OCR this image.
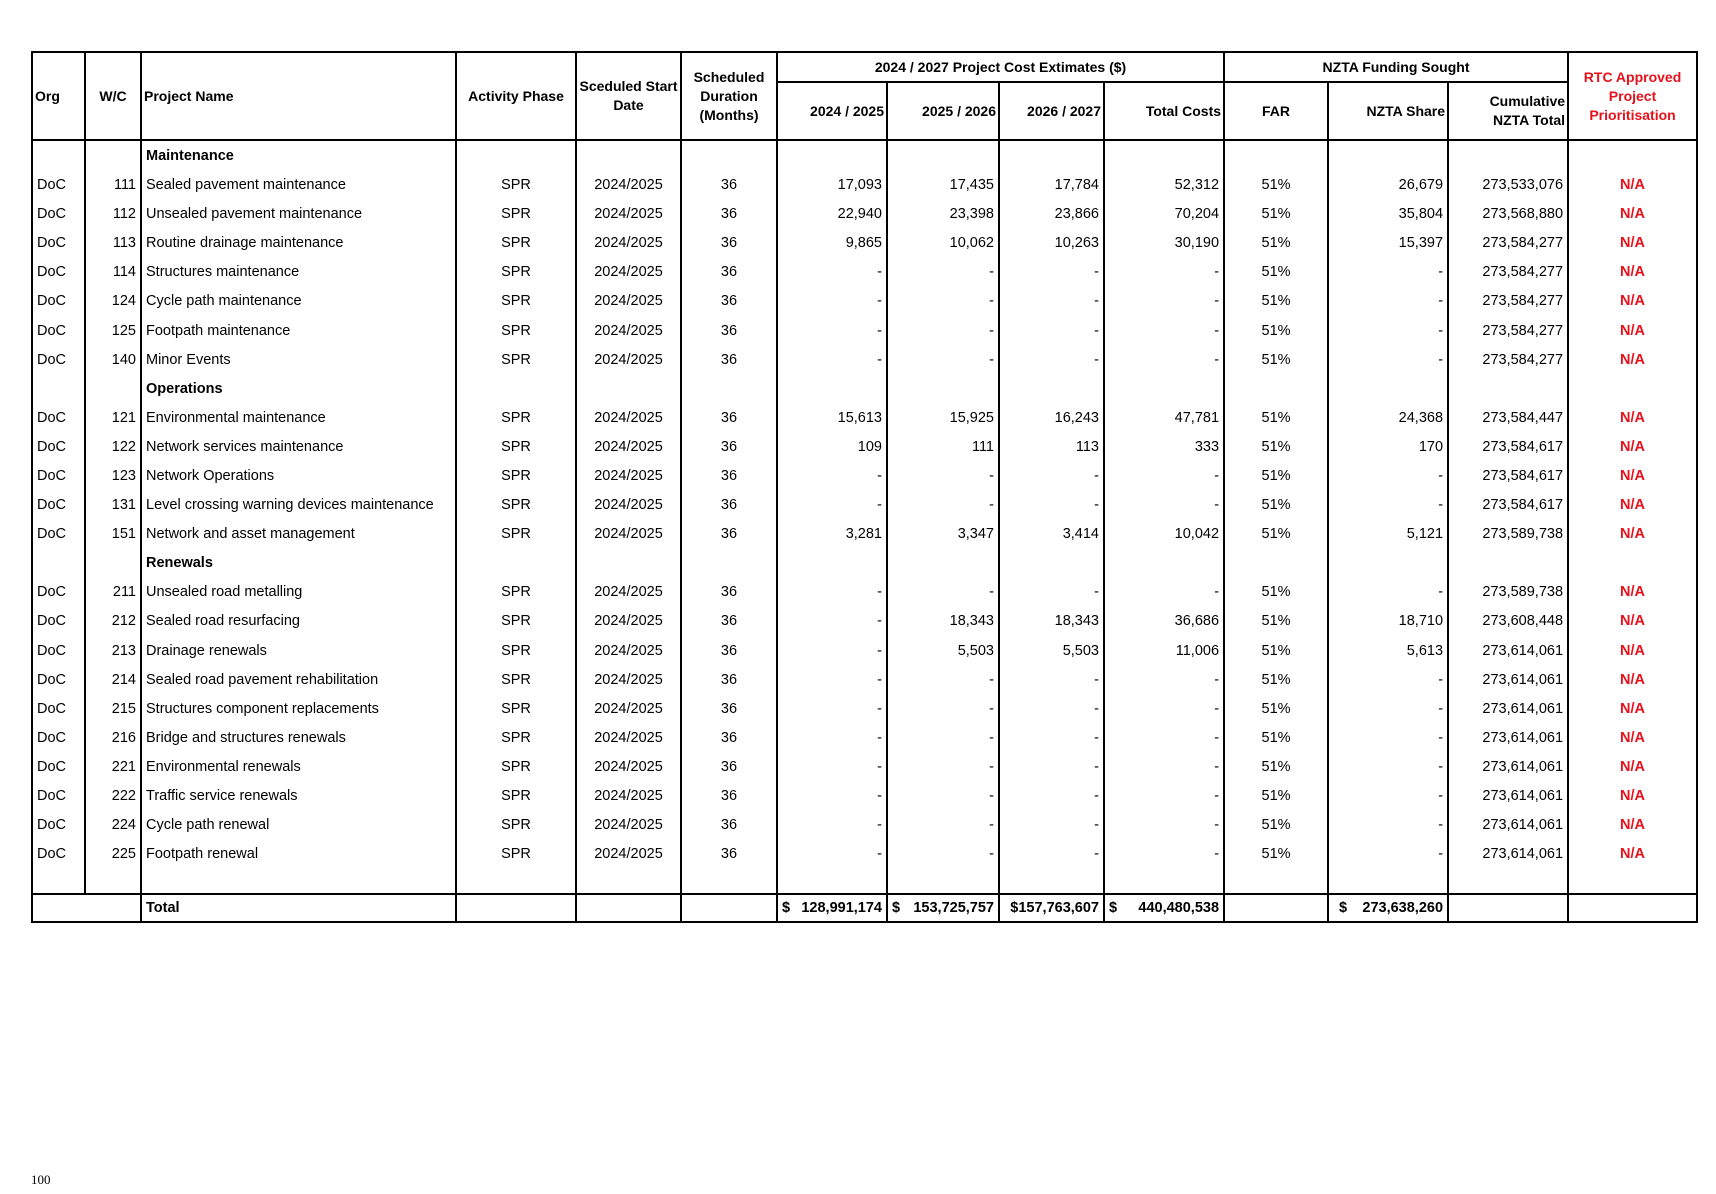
Org	W/C	Project Name	Activity Phase	Sceduled Start Date	Scheduled Duration (Months)	2024 / 2027 Project Cost Extimates ($)				NZTA Funding Sought			RTC Approved Project Prioritisation
						2024 / 2025	2025 / 2026	2026 / 2027	Total Costs	FAR	NZTA Share	Cumulative NZTA Total	
		Maintenance											
DoC	111	Sealed pavement maintenance	SPR	2024/2025	36	17,093	17,435	17,784	52,312	51%	26,679	273,533,076	N/A
DoC	112	Unsealed pavement maintenance	SPR	2024/2025	36	22,940	23,398	23,866	70,204	51%	35,804	273,568,880	N/A
DoC	113	Routine drainage maintenance	SPR	2024/2025	36	9,865	10,062	10,263	30,190	51%	15,397	273,584,277	N/A
DoC	114	Structures maintenance	SPR	2024/2025	36	-	-	-	-	51%	-	273,584,277	N/A
DoC	124	Cycle path maintenance	SPR	2024/2025	36	-	-	-	-	51%	-	273,584,277	N/A
DoC	125	Footpath maintenance	SPR	2024/2025	36	-	-	-	-	51%	-	273,584,277	N/A
DoC	140	Minor Events	SPR	2024/2025	36	-	-	-	-	51%	-	273,584,277	N/A
		Operations											
DoC	121	Environmental maintenance	SPR	2024/2025	36	15,613	15,925	16,243	47,781	51%	24,368	273,584,447	N/A
DoC	122	Network services maintenance	SPR	2024/2025	36	109	111	113	333	51%	170	273,584,617	N/A
DoC	123	Network Operations	SPR	2024/2025	36	-	-	-	-	51%	-	273,584,617	N/A
DoC	131	Level crossing warning devices maintenance	SPR	2024/2025	36	-	-	-	-	51%	-	273,584,617	N/A
DoC	151	Network and asset management	SPR	2024/2025	36	3,281	3,347	3,414	10,042	51%	5,121	273,589,738	N/A
		Renewals											
DoC	211	Unsealed road metalling	SPR	2024/2025	36	-	-	-	-	51%	-	273,589,738	N/A
DoC	212	Sealed road resurfacing	SPR	2024/2025	36	-	18,343	18,343	36,686	51%	18,710	273,608,448	N/A
DoC	213	Drainage renewals	SPR	2024/2025	36	-	5,503	5,503	11,006	51%	5,613	273,614,061	N/A
DoC	214	Sealed road pavement rehabilitation	SPR	2024/2025	36	-	-	-	-	51%	-	273,614,061	N/A
DoC	215	Structures component replacements	SPR	2024/2025	36	-	-	-	-	51%	-	273,614,061	N/A
DoC	216	Bridge and structures renewals	SPR	2024/2025	36	-	-	-	-	51%	-	273,614,061	N/A
DoC	221	Environmental renewals	SPR	2024/2025	36	-	-	-	-	51%	-	273,614,061	N/A
DoC	222	Traffic service renewals	SPR	2024/2025	36	-	-	-	-	51%	-	273,614,061	N/A
DoC	224	Cycle path renewal	SPR	2024/2025	36	-	-	-	-	51%	-	273,614,061	N/A
DoC	225	Footpath renewal	SPR	2024/2025	36	-	-	-	-	51%	-	273,614,061	N/A

		Total				$ 128,991,174	$ 153,725,757	$157,763,607	$ 440,480,538		$ 273,638,260		

100
